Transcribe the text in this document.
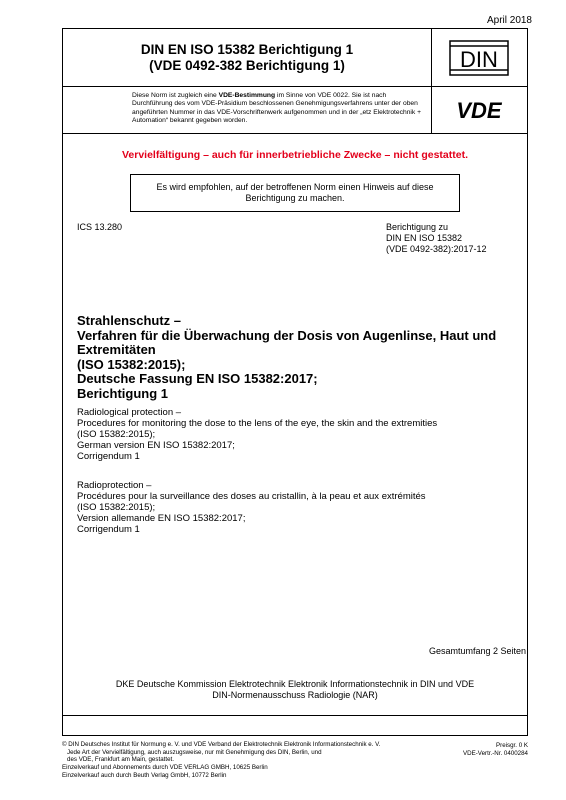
April 2018
DIN EN ISO 15382 Berichtigung 1
(VDE 0492-382 Berichtigung 1)	DIN
Diese Norm ist zugleich eine VDE-Bestimmung im Sinne von VDE 0022. Sie ist nach Durchführung des vom VDE-Präsidium beschlossenen Genehmigungsverfahrens unter der oben angeführten Nummer in das VDE-Vorschriftenwerk aufgenommen und in der „etz Elektrotechnik + Automation“ bekannt gegeben worden.	VDE
Vervielfältigung – auch für innerbetriebliche Zwecke – nicht gestattet.
Es wird empfohlen, auf der betroffenen Norm einen Hinweis auf diese
Berichtigung zu machen.
ICS 13.280	Berichtigung zu
DIN EN ISO 15382
(VDE 0492-382):2017-12
Strahlenschutz –
Verfahren für die Überwachung der Dosis von Augenlinse, Haut und
Extremitäten
(ISO 15382:2015);
Deutsche Fassung EN ISO 15382:2017;
Berichtigung 1
Radiological protection –
Procedures for monitoring the dose to the lens of the eye, the skin and the extremities
(ISO 15382:2015);
German version EN ISO 15382:2017;
Corrigendum 1
Radioprotection –
Procédures pour la surveillance des doses au cristallin, à la peau et aux extrémités
(ISO 15382:2015);
Version allemande EN ISO 15382:2017;
Corrigendum 1
Gesamtumfang 2 Seiten
DKE Deutsche Kommission Elektrotechnik Elektronik Informationstechnik in DIN und VDE
DIN-Normenausschuss Radiologie (NAR)
© DIN Deutsches Institut für Normung e. V. und VDE Verband der Elektrotechnik Elektronik Informationstechnik e. V.
Jede Art der Vervielfältigung, auch auszugsweise, nur mit Genehmigung des DIN, Berlin, und
des VDE, Frankfurt am Main, gestattet.
Einzelverkauf und Abonnements durch VDE VERLAG GMBH, 10625 Berlin
Einzelverkauf auch durch Beuth Verlag GmbH, 10772 Berlin
Preisgr. 0 K
VDE-Vertr.-Nr. 0400284
